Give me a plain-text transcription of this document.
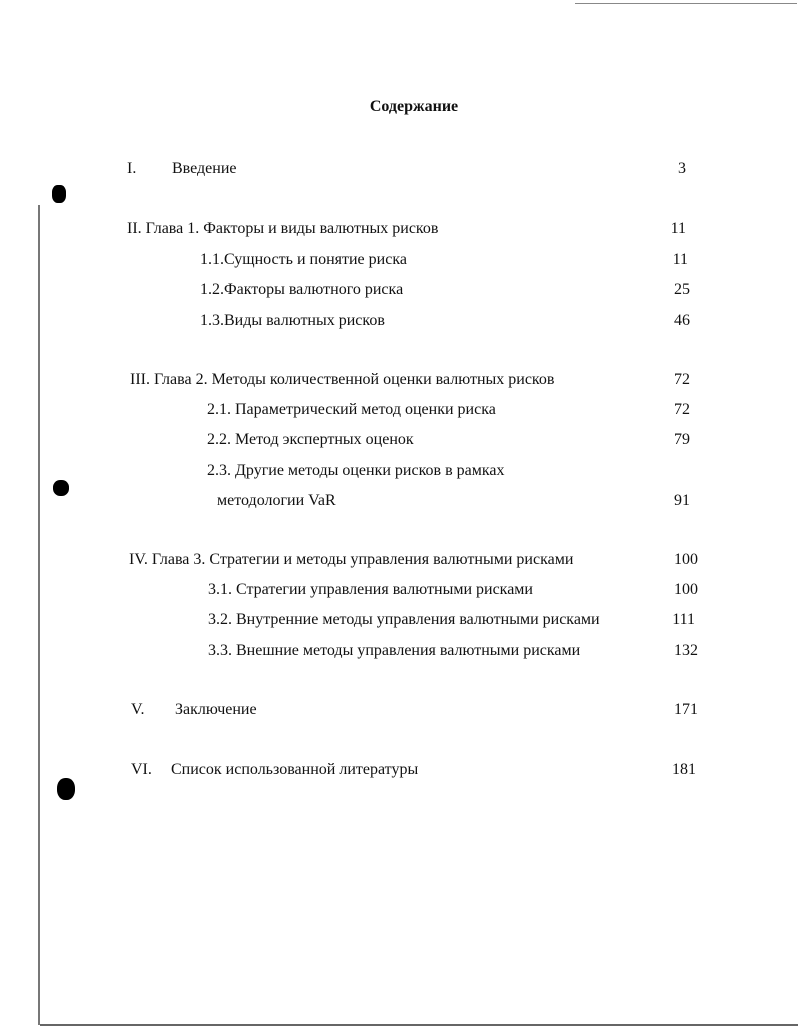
Содержание
I. Введение	3
II. Глава 1. Факторы и виды валютных рисков	11
1.1.Сущность и понятие риска	11
1.2.Факторы валютного риска	25
1.3.Виды валютных рисков	46
III. Глава 2. Методы количественной оценки валютных рисков	72
2.1. Параметрический метод оценки риска	72
2.2. Метод экспертных оценок	79
2.3. Другие методы оценки рисков в рамках
методологии VaR	91
IV. Глава 3. Стратегии и методы управления валютными рисками	100
3.1. Стратегии управления валютными рисками	100
3.2. Внутренние методы управления валютными рисками	111
3.3. Внешние методы управления валютными рисками	132
V. Заключение	171
VI. Список использованной литературы	181
